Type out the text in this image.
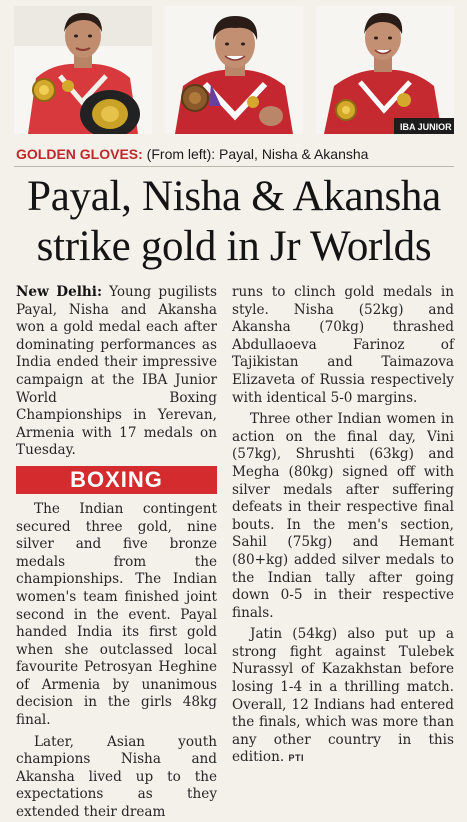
IBA JUNIOR
GOLDEN GLOVES: (From left): Payal, Nisha & Akansha
Payal, Nisha & Akansha
strike gold in Jr Worlds

New Delhi: Young pugilists Payal, Nisha and Akansha won a gold medal each after dominating performances as India ended their impressive campaign at the IBA Junior World Boxing Championships in Yerevan, Armenia with 17 medals on Tuesday.

BOXING

The Indian contingent secured three gold, nine silver and five bronze medals from the championships. The Indian women's team finished joint second in the event. Payal handed India its first gold when she outclassed local favourite Petrosyan Heghine of Armenia by unanimous decision in the girls 48kg final.

Later, Asian youth champions Nisha and Akansha lived up to the expectations as they extended their dream

runs to clinch gold medals in style. Nisha (52kg) and Akansha (70kg) thrashed Abdullaoeva Farinoz of Tajikistan and Taimazova Elizaveta of Russia respectively with identical 5-0 margins.

Three other Indian women in action on the final day, Vini (57kg), Shrushti (63kg) and Megha (80kg) signed off with silver medals after suffering defeats in their respective final bouts. In the men's section, Sahil (75kg) and Hemant (80+kg) added silver medals to the Indian tally after going down 0-5 in their respective finals.

Jatin (54kg) also put up a strong fight against Tulebek Nurassyl of Kazakhstan before losing 1-4 in a thrilling match. Overall, 12 Indians had entered the finals, which was more than any other country in this edition. PTI
